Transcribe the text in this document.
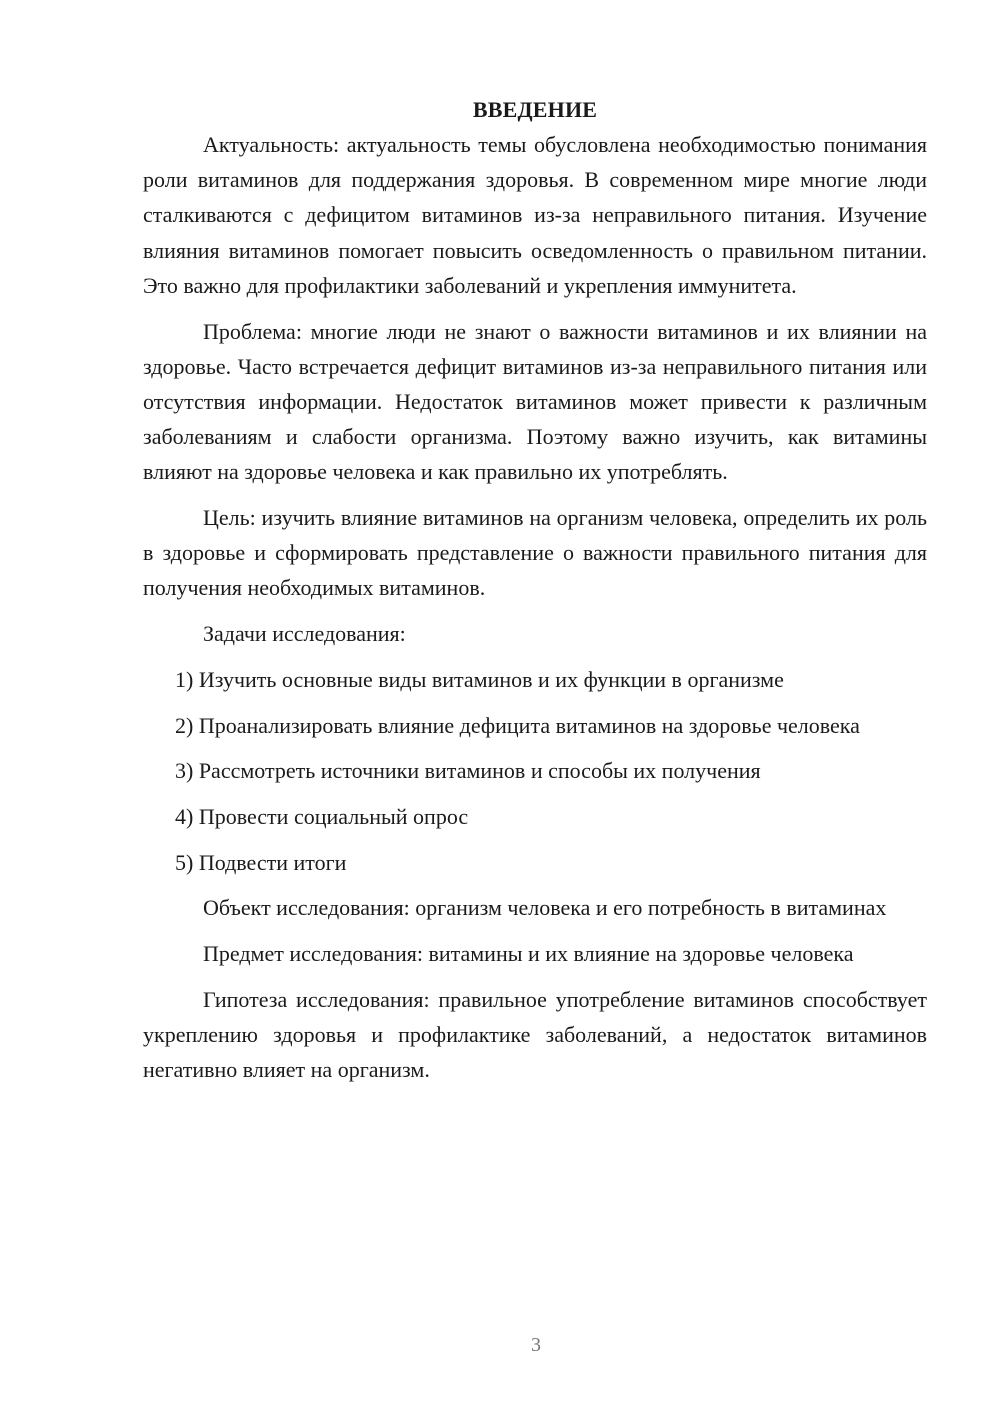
ВВЕДЕНИЕ

Актуальность: актуальность темы обусловлена необходимостью понимания роли витаминов для поддержания здоровья. В современном мире многие люди сталкиваются с дефицитом витаминов из-за неправильного питания. Изучение влияния витаминов помогает повысить осведомленность о правильном питании. Это важно для профилактики заболеваний и укрепления иммунитета.

Проблема: многие люди не знают о важности витаминов и их влиянии на здоровье. Часто встречается дефицит витаминов из-за неправильного питания или отсутствия информации. Недостаток витаминов может привести к различным заболеваниям и слабости организма. Поэтому важно изучить, как витамины влияют на здоровье человека и как правильно их употреблять.

Цель: изучить влияние витаминов на организм человека, определить их роль в здоровье и сформировать представление о важности правильного питания для получения необходимых витаминов.

Задачи исследования:

1) Изучить основные виды витаминов и их функции в организме

2) Проанализировать влияние дефицита витаминов на здоровье человека

3) Рассмотреть источники витаминов и способы их получения

4) Провести социальный опрос

5) Подвести итоги

Объект исследования: организм человека и его потребность в витаминах

Предмет исследования: витамины и их влияние на здоровье человека

Гипотеза исследования: правильное употребление витаминов способствует укреплению здоровья и профилактике заболеваний, а недостаток витаминов негативно влияет на организм.

3
